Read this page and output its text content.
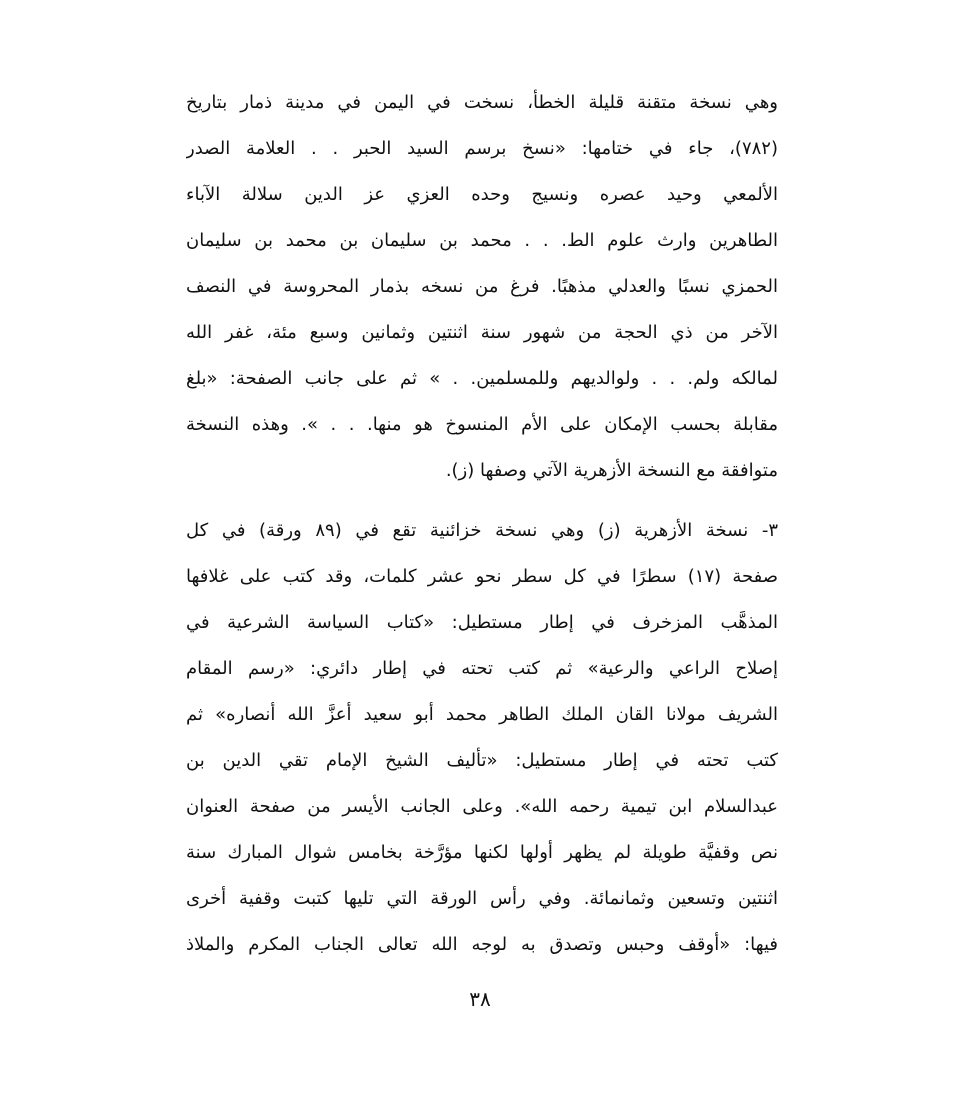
وهي نسخة متقنة قليلة الخطأ، نسخت في اليمن في مدينة ذمار بتاريخ
(٧٨٢)، جاء في ختامها: «نسخ برسم السيد الحبر . . العلامة الصدر
الألمعي وحيد عصره ونسيج وحده العزي عز الدين سلالة الآباء
الطاهرين وارث علوم الط. . . محمد بن سليمان بن محمد بن سليمان
الحمزي نسبًا والعدلي مذهبًا. فرغ من نسخه بذمار المحروسة في النصف
الآخر من ذي الحجة من شهور سنة اثنتين وثمانين وسبع مئة، غفر الله
لمالكه ولم. . . ولوالديهم وللمسلمين. . » ثم على جانب الصفحة: «بلغ
مقابلة بحسب الإمكان على الأم المنسوخ هو منها. . . ». وهذه النسخة
متوافقة مع النسخة الأزهرية الآتي وصفها (ز).
٣- نسخة الأزهرية (ز) وهي نسخة خزائنية تقع في (٨٩ ورقة) في كل
صفحة (١٧) سطرًا في كل سطر نحو عشر كلمات، وقد كتب على غلافها
المذهَّب المزخرف في إطار مستطيل: «كتاب السياسة الشرعية في
إصلاح الراعي والرعية» ثم كتب تحته في إطار دائري: «رسم المقام
الشريف مولانا القان الملك الطاهر محمد أبو سعيد أعزَّ الله أنصاره» ثم
كتب تحته في إطار مستطيل: «تأليف الشيخ الإمام تقي الدين بن
عبدالسلام ابن تيمية رحمه الله». وعلى الجانب الأيسر من صفحة العنوان
نص وقفيَّة طويلة لم يظهر أولها لكنها مؤرَّخة بخامس شوال المبارك سنة
اثنتين وتسعين وثمانمائة. وفي رأس الورقة التي تليها كتبت وقفية أخرى
فيها: «أوقف وحبس وتصدق به لوجه الله تعالى الجناب المكرم والملاذ
٣٨
